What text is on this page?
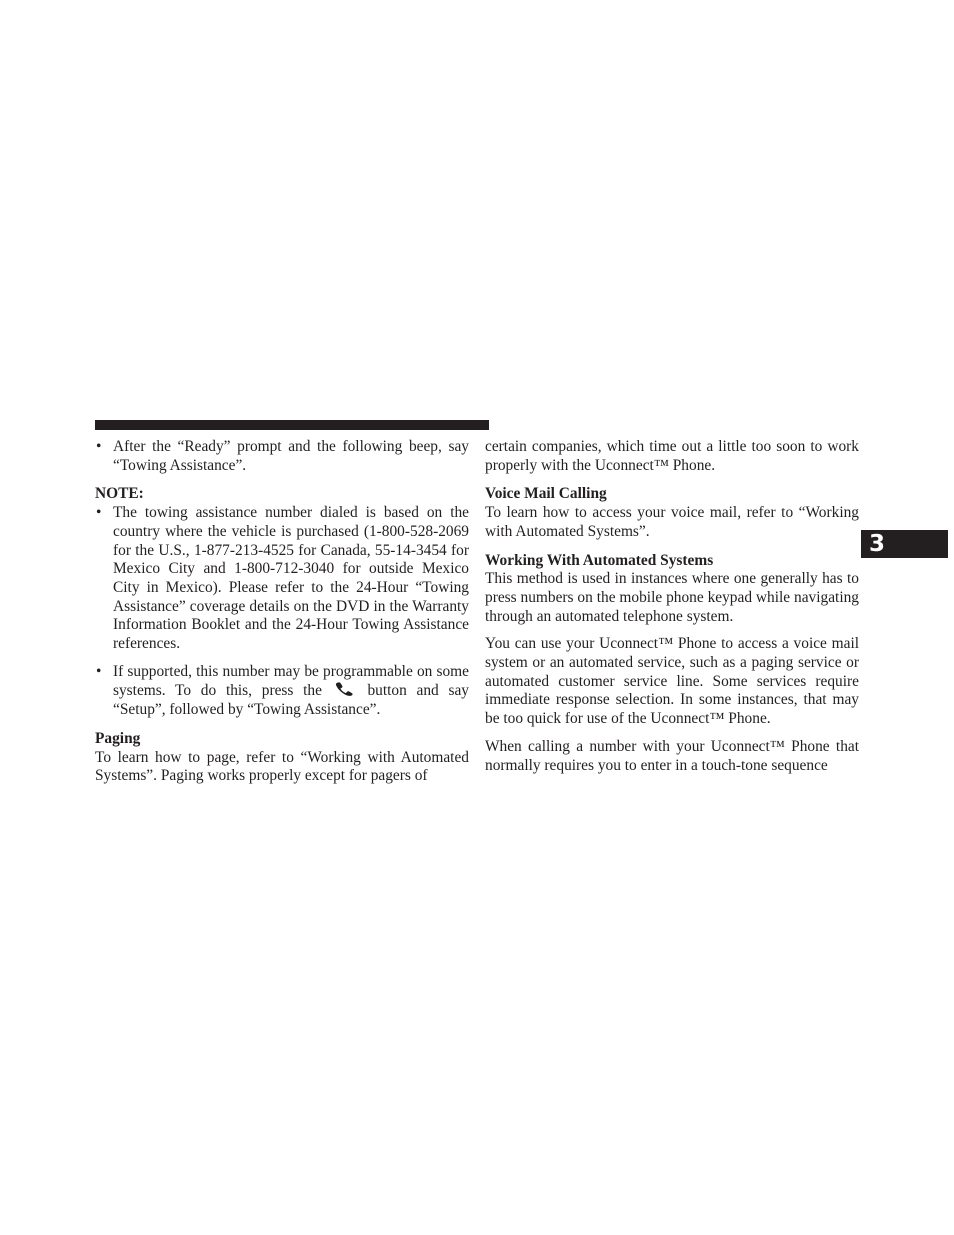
3

• After the “Ready” prompt and the following beep, say “Towing Assistance”.

NOTE:

• The towing assistance number dialed is based on the country where the vehicle is purchased (1-800-528-2069 for the U.S., 1-877-213-4525 for Canada, 55-14-3454 for Mexico City and 1-800-712-3040 for outside Mexico City in Mexico). Please refer to the 24-Hour “Towing Assistance” coverage details on the DVD in the Warranty Information Booklet and the 24-Hour Towing Assistance references.

• If supported, this number may be programmable on some systems. To do this, press the	button and say “Setup”, followed by “Towing Assistance”.

Paging

To learn how to page, refer to “Working with Automated Systems”. Paging works properly except for pagers of

certain companies, which time out a little too soon to work properly with the Uconnect™ Phone.

Voice Mail Calling

To learn how to access your voice mail, refer to “Working with Automated Systems”.

Working With Automated Systems

This method is used in instances where one generally has to press numbers on the mobile phone keypad while navigating through an automated telephone system.

You can use your Uconnect™ Phone to access a voice mail system or an automated service, such as a paging service or automated customer service line. Some services require immediate response selection. In some instances, that may be too quick for use of the Uconnect™ Phone.

When calling a number with your Uconnect™ Phone that normally requires you to enter in a touch-tone sequence
